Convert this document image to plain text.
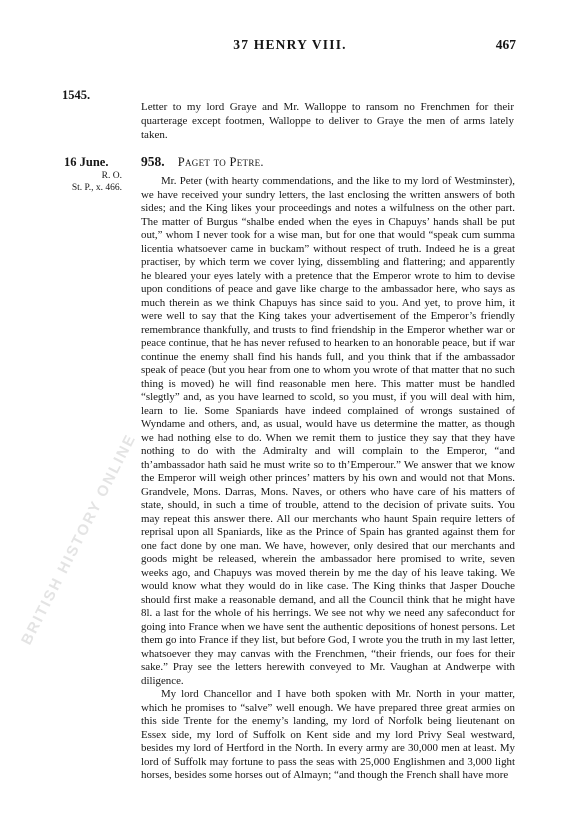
37 HENRY VIII.	467
1545.
Letter to my lord Graye and Mr. Walloppe to ransom no Frenchmen for their quarterage except footmen, Walloppe to deliver to Graye the men of arms lately taken.
16 June.
R. O.
St. P., x. 466.
958. Paget to Petre.

Mr. Peter (with hearty commendations, and the like to my lord of Westminster), we have received your sundry letters, the last enclosing the written answers of both sides; and the King likes your proceedings and notes a wilfulness on the other part. The matter of Burgus “shalbe ended when the eyes in Chapuys’ hands shall be put out,” whom I never took for a wise man, but for one that would “speak cum summa licentia whatsoever came in buckam” without respect of truth. Indeed he is a great practiser, by which term we cover lying, dissembling and flattering; and apparently he bleared your eyes lately with a pretence that the Emperor wrote to him to devise upon conditions of peace and gave like charge to the ambassador here, who says as much therein as we think Chapuys has since said to you. And yet, to prove him, it were well to say that the King takes your advertisement of the Emperor’s friendly remembrance thankfully, and trusts to find friendship in the Emperor whether war or peace continue, that he has never refused to hearken to an honorable peace, but if war continue the enemy shall find his hands full, and you think that if the ambassador speak of peace (but you hear from one to whom you wrote of that matter that no such thing is moved) he will find reasonable men here. This matter must be handled “slegtly” and, as you have learned to scold, so you must, if you will deal with him, learn to lie. Some Spaniards have indeed complained of wrongs sustained of Wyndame and others, and, as usual, would have us determine the matter, as though we had nothing else to do. When we remit them to justice they say that they have nothing to do with the Admiralty and will complain to the Emperor, “and th’ambassador hath said he must write so to th’Emperour.” We answer that we know the Emperor will weigh other princes’ matters by his own and would not that Mons. Grandvele, Mons. Darras, Mons. Naves, or others who have care of his matters of state, should, in such a time of trouble, attend to the decision of private suits. You may repeat this answer there. All our merchants who haunt Spain require letters of reprisal upon all Spaniards, like as the Prince of Spain has granted against them for one fact done by one man. We have, however, only desired that our merchants and goods might be released, wherein the ambassador here promised to write, seven weeks ago, and Chapuys was moved therein by me the day of his leave taking. We would know what they would do in like case. The King thinks that Jasper Douche should first make a reasonable demand, and all the Council think that he might have 8l. a last for the whole of his herrings. We see not why we need any safeconduct for going into France when we have sent the authentic depositions of honest persons. Let them go into France if they list, but before God, I wrote you the truth in my last letter, whatsoever they may canvas with the Frenchmen, “their friends, our foes for their sake.” Pray see the letters herewith conveyed to Mr. Vaughan at Andwerpe with diligence.

My lord Chancellor and I have both spoken with Mr. North in your matter, which he promises to “salve” well enough. We have prepared three great armies on this side Trente for the enemy’s landing, my lord of Norfolk being lieutenant on Essex side, my lord of Suffolk on Kent side and my lord Privy Seal westward, besides my lord of Hertford in the North. In every army are 30,000 men at least. My lord of Suffolk may fortune to pass the seas with 25,000 Englishmen and 3,000 light horses, besides some horses out of Almayn; “and though the French shall have more

BRITISH HISTORY ONLINE
